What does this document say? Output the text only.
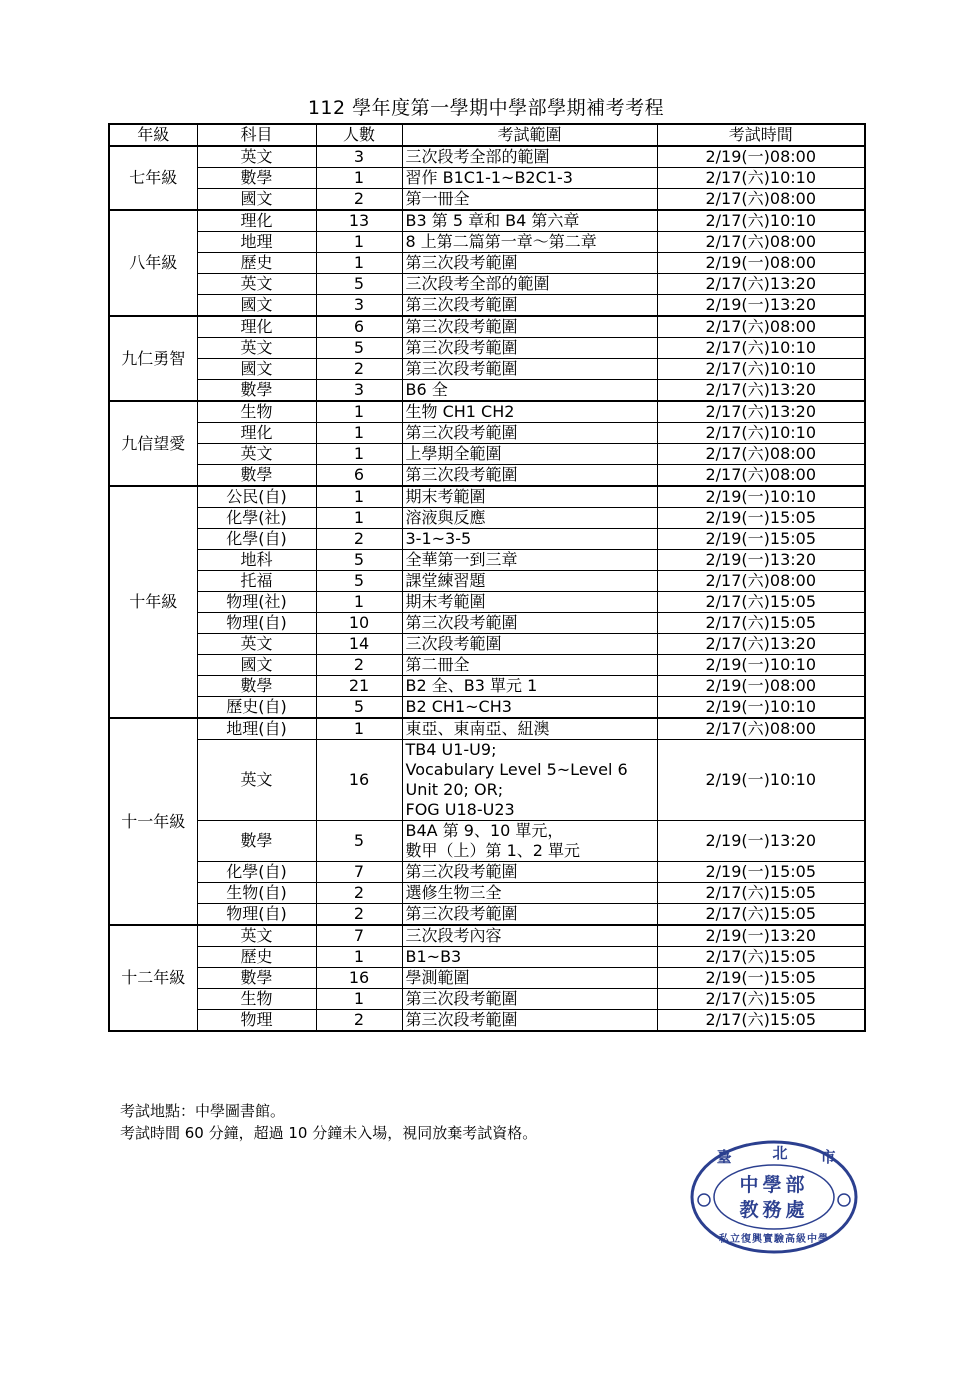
112 學年度第一學期中學部學期補考考程
年級	科目	人數	考試範圍	考試時間
七年級	英文	3	三次段考全部的範圍	2/19(一)08:00
	數學	1	習作 B1C1-1~B2C1-3	2/17(六)10:10
	國文	2	第一冊全	2/17(六)08:00
八年級	理化	13	B3 第 5 章和 B4 第六章	2/17(六)10:10
	地理	1	8 上第二篇第一章～第二章	2/17(六)08:00
	歷史	1	第三次段考範圍	2/19(一)08:00
	英文	5	三次段考全部的範圍	2/17(六)13:20
	國文	3	第三次段考範圍	2/19(一)13:20
九仁勇智	理化	6	第三次段考範圍	2/17(六)08:00
	英文	5	第三次段考範圍	2/17(六)10:10
	國文	2	第三次段考範圍	2/17(六)10:10
	數學	3	B6 全	2/17(六)13:20
九信望愛	生物	1	生物 CH1 CH2	2/17(六)13:20
	理化	1	第三次段考範圍	2/17(六)10:10
	英文	1	上學期全範圍	2/17(六)08:00
	數學	6	第三次段考範圍	2/17(六)08:00
十年級	公民(自)	1	期末考範圍	2/19(一)10:10
	化學(社)	1	溶液與反應	2/19(一)15:05
	化學(自)	2	3-1~3-5	2/19(一)15:05
	地科	5	全華第一到三章	2/19(一)13:20
	托福	5	課堂練習題	2/17(六)08:00
	物理(社)	1	期末考範圍	2/17(六)15:05
	物理(自)	10	第三次段考範圍	2/17(六)15:05
	英文	14	三次段考範圍	2/17(六)13:20
	國文	2	第二冊全	2/19(一)10:10
	數學	21	B2 全、B3 單元 1	2/19(一)08:00
	歷史(自)	5	B2 CH1~CH3	2/19(一)10:10
十一年級	地理(自)	1	東亞、東南亞、紐澳	2/17(六)08:00
	英文	16	TB4 U1-U9;
Vocabulary Level 5~Level 6
Unit 20; OR;
FOG U18-U23	2/19(一)10:10
	數學	5	B4A 第 9、10 單元，
數甲（上）第 1、2 單元	2/19(一)13:20
	化學(自)	7	第三次段考範圍	2/19(一)15:05
	生物(自)	2	選修生物三全	2/17(六)15:05
	物理(自)	2	第三次段考範圍	2/17(六)15:05
十二年級	英文	7	三次段考內容	2/19(一)13:20
	歷史	1	B1~B3	2/17(六)15:05
	數學	16	學測範圍	2/19(一)15:05
	生物	1	第三次段考範圍	2/17(六)15:05
	物理	2	第三次段考範圍	2/17(六)15:05
考試地點：中學圖書館。
考試時間 60 分鐘，超過 10 分鐘未入場，視同放棄考試資格。
臺	北 市
中學部
教務處
私立復興實驗高級中學
